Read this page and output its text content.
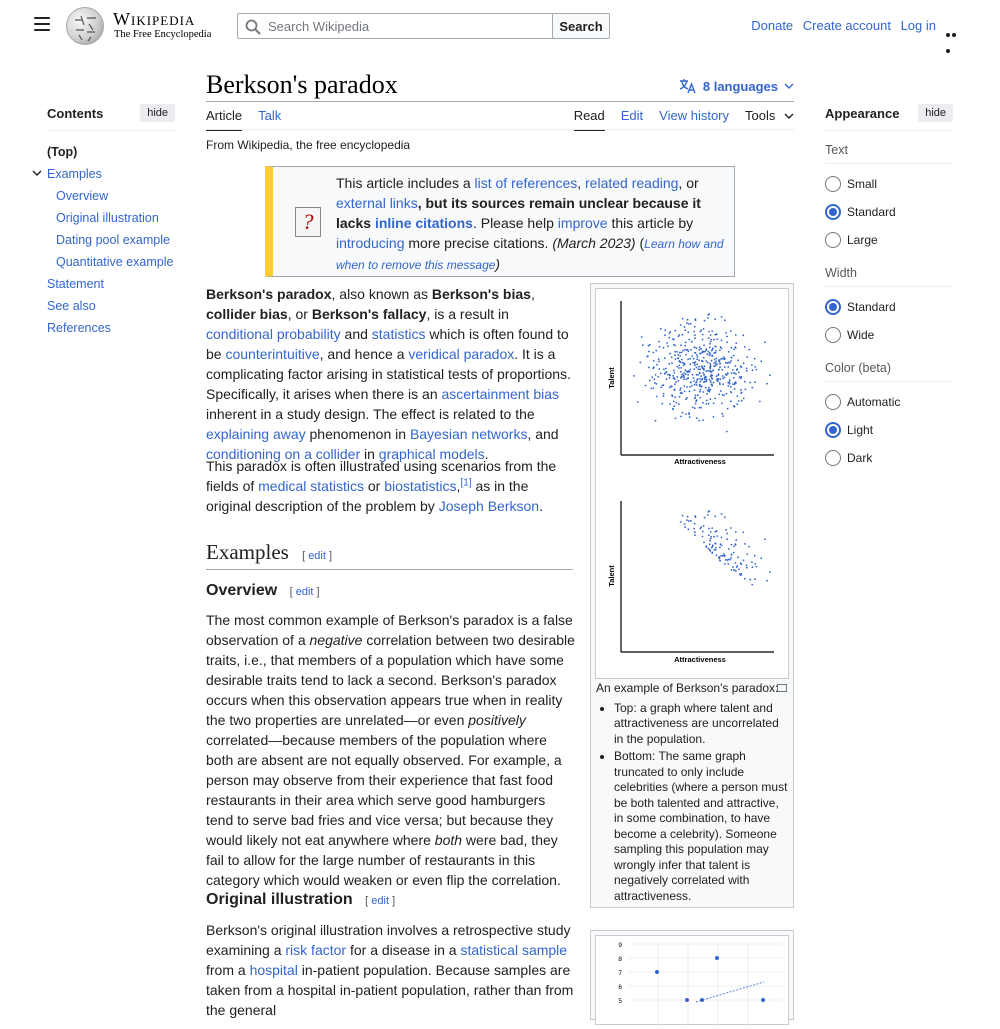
Wikipedia
The Free Encyclopedia
Search Wikipedia
Search	Donate Create account Log in
Contents	hide
(Top)
Examples
Overview
Original illustration
Dating pool example
Quantitative example
Statement
See also
References
Appearance	hide
Text
Small
Standard
Large
Width
Standard
Wide
Color (beta)
Automatic
Light
Dark
Berkson's paradox	8 languages
Article Talk	Read Edit View history Tools
From Wikipedia, the free encyclopedia
?
This article includes a list of references, related reading, or external links, but its sources remain unclear because it lacks inline citations. Please help improve this article by introducing more precise citations. (March 2023) (Learn how and when to remove this message)

Berkson's paradox, also known as Berkson's bias, collider bias, or Berkson's fallacy, is a result in conditional probability and statistics which is often found to be counterintuitive, and hence a veridical paradox. It is a complicating factor arising in statistical tests of proportions. Specifically, it arises when there is an ascertainment bias inherent in a study design. The effect is related to the explaining away phenomenon in Bayesian networks, and conditioning on a collider in graphical models.

This paradox is often illustrated using scenarios from the fields of medical statistics or biostatistics,[1] as in the original description of the problem by Joseph Berkson.

Examples [ edit ]
Overview [ edit ]

The most common example of Berkson's paradox is a false observation of a negative correlation between two desirable traits, i.e., that members of a population which have some desirable traits tend to lack a second. Berkson's paradox occurs when this observation appears true when in reality the two properties are unrelated—or even positively correlated—because members of the population where both are absent are not equally observed. For example, a person may observe from their experience that fast food restaurants in their area which serve good hamburgers tend to serve bad fries and vice versa; but because they would likely not eat anywhere where both were bad, they fail to allow for the large number of restaurants in this category which would weaken or even flip the correlation.

Original illustration [ edit ]

Berkson's original illustration involves a retrospective study examining a risk factor for a disease in a statistical sample from a hospital in-patient population. Because samples are taken from a hospital in-patient population, rather than from the general

Talent
Attractiveness
Talent
Attractiveness
An example of Berkson's paradox:
• Top: a graph where talent and attractiveness are uncorrelated in the population.
• Bottom: The same graph truncated to only include celebrities (where a person must be both talented and attractive, in some combination, to have become a celebrity). Someone sampling this population may wrongly infer that talent is negatively correlated with attractiveness.
9
8
7
6
5
